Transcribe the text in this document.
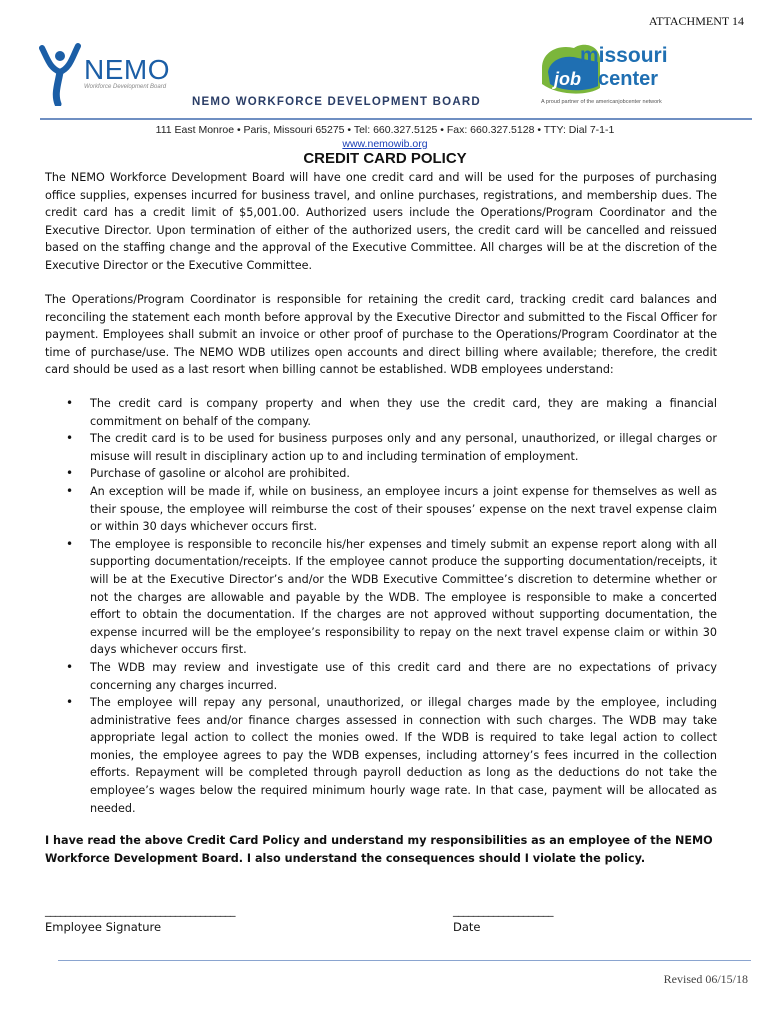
ATTACHMENT 14
NEMO
Workforce Development Board
missouri
job center
A proud partner of the americanjobcenter network
NEMO WORKFORCE DEVELOPMENT BOARD
111 East Monroe • Paris, Missouri 65275 • Tel: 660.327.5125 • Fax: 660.327.5128 • TTY: Dial 7-1-1
www.nemowib.org
CREDIT CARD POLICY
The NEMO Workforce Development Board will have one credit card and will be used for the purposes of purchasing office supplies, expenses incurred for business travel, and online purchases, registrations, and membership dues. The credit card has a credit limit of $5,001.00. Authorized users include the Operations/Program Coordinator and the Executive Director. Upon termination of either of the authorized users, the credit card will be cancelled and reissued based on the staffing change and the approval of the Executive Committee. All charges will be at the discretion of the Executive Director or the Executive Committee.
The Operations/Program Coordinator is responsible for retaining the credit card, tracking credit card balances and reconciling the statement each month before approval by the Executive Director and submitted to the Fiscal Officer for payment. Employees shall submit an invoice or other proof of purchase to the Operations/Program Coordinator at the time of purchase/use. The NEMO WDB utilizes open accounts and direct billing where available; therefore, the credit card should be used as a last resort when billing cannot be established. WDB employees understand:
• The credit card is company property and when they use the credit card, they are making a financial commitment on behalf of the company.
• The credit card is to be used for business purposes only and any personal, unauthorized, or illegal charges or misuse will result in disciplinary action up to and including termination of employment.
• Purchase of gasoline or alcohol are prohibited.
• An exception will be made if, while on business, an employee incurs a joint expense for themselves as well as their spouse, the employee will reimburse the cost of their spouses’ expense on the next travel expense claim or within 30 days whichever occurs first.
• The employee is responsible to reconcile his/her expenses and timely submit an expense report along with all supporting documentation/receipts. If the employee cannot produce the supporting documentation/receipts, it will be at the Executive Director’s and/or the WDB Executive Committee’s discretion to determine whether or not the charges are allowable and payable by the WDB. The employee is responsible to make a concerted effort to obtain the documentation. If the charges are not approved without supporting documentation, the expense incurred will be the employee’s responsibility to repay on the next travel expense claim or within 30 days whichever occurs first.
• The WDB may review and investigate use of this credit card and there are no expectations of privacy concerning any charges incurred.
• The employee will repay any personal, unauthorized, or illegal charges made by the employee, including administrative fees and/or finance charges assessed in connection with such charges. The WDB may take appropriate legal action to collect the monies owed. If the WDB is required to take legal action to collect monies, the employee agrees to pay the WDB expenses, including attorney’s fees incurred in the collection efforts. Repayment will be completed through payroll deduction as long as the deductions do not take the employee’s wages below the required minimum hourly wage rate. In that case, payment will be allocated as needed.
I have read the above Credit Card Policy and understand my responsibilities as an employee of the NEMO Workforce Development Board. I also understand the consequences should I violate the policy.
______________________________________
Employee Signature
____________________
Date
Revised 06/15/18
